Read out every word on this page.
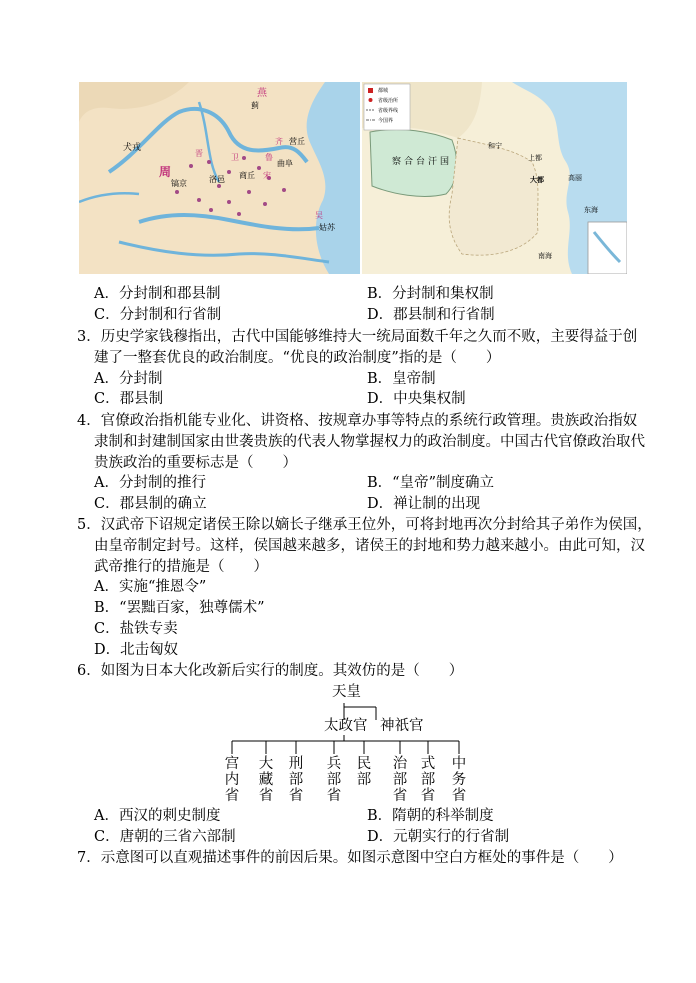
燕
蓟
犬戎
周
镐京	洛邑
晋	卫	鲁
齐 营丘
商丘 宋
吴
姑苏
曲阜
都城
省级治所
省级界线
今国界
和宁
上都
大都
察合台汗国
高丽
东海
南海
A．分封制和郡县制	B．分封制和集权制
C．分封制和行省制	D．郡县制和行省制
3．历史学家钱穆指出，古代中国能够维持大一统局面数千年之久而不败，主要得益于创
建了一整套优良的政治制度。“优良的政治制度”指的是（　　）
A．分封制	B．皇帝制
C．郡县制	D．中央集权制
4．官僚政治指机能专业化、讲资格、按规章办事等特点的系统行政管理。贵族政治指奴
隶制和封建制国家由世袭贵族的代表人物掌握权力的政治制度。中国古代官僚政治取代
贵族政治的重要标志是（　　）
A．分封制的推行	B．“皇帝”制度确立
C．郡县制的确立	D．禅让制的出现
5．汉武帝下诏规定诸侯王除以嫡长子继承王位外，可将封地再次分封给其子弟作为侯国，
由皇帝制定封号。这样，侯国越来越多，诸侯王的封地和势力越来越小。由此可知，汉
武帝推行的措施是（　　）
A．实施“推恩令”
B．“罢黜百家，独尊儒术”
C．盐铁专卖
D．北击匈奴
6．如图为日本大化改新后实行的制度。其效仿的是（　　）
天皇
太政官 神祇官
宫内省
大藏省
刑部省
兵部省
民部
治部省
式部省
中务省
A．西汉的刺史制度	B．隋朝的科举制度
C．唐朝的三省六部制	D．元朝实行的行省制
7．示意图可以直观描述事件的前因后果。如图示意图中空白方框处的事件是（　　）
